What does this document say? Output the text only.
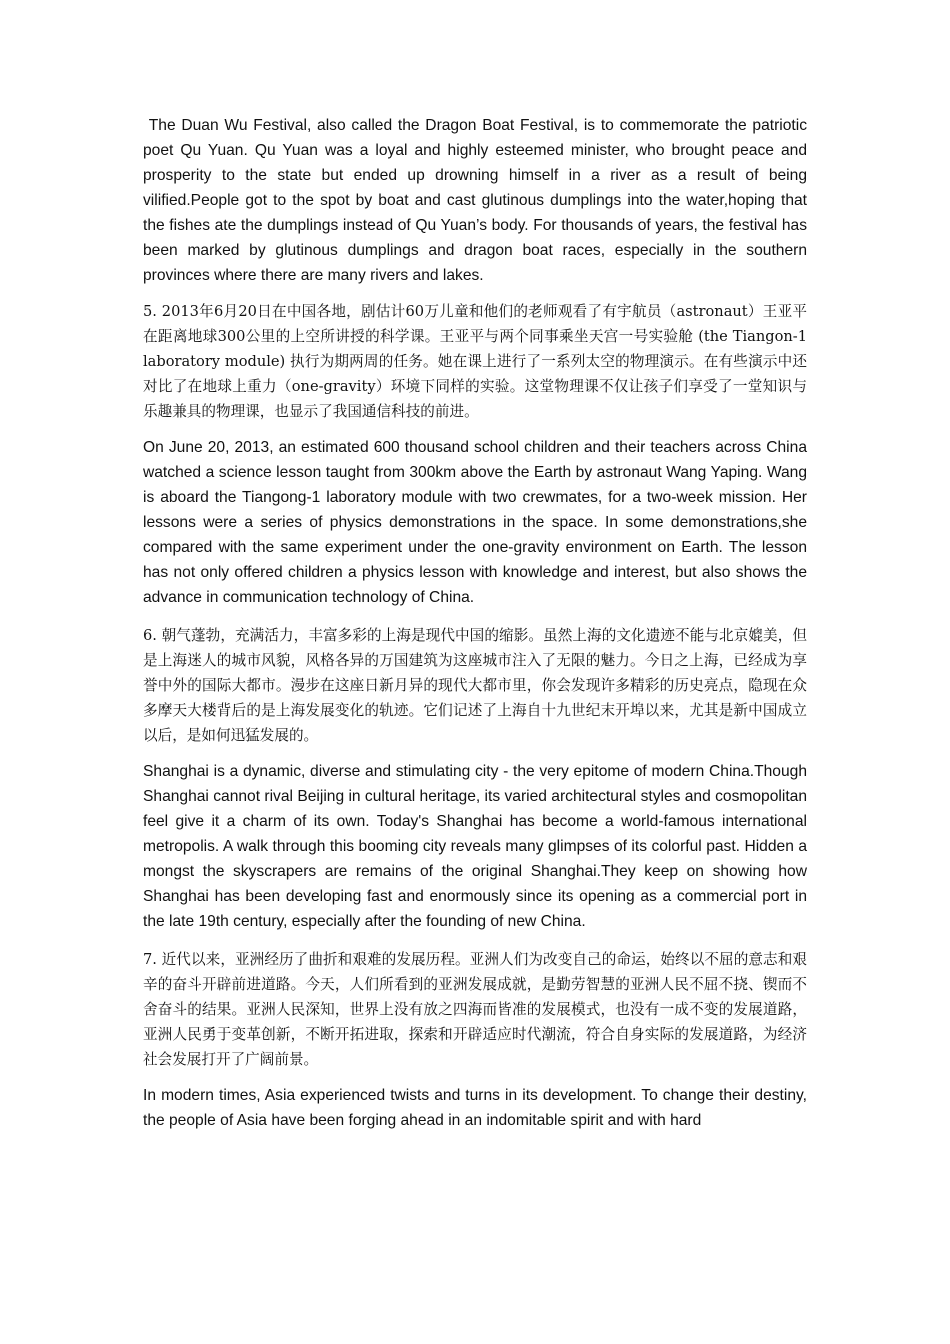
The Duan Wu Festival, also called the Dragon Boat Festival, is to commemorate the patriotic poet Qu Yuan. Qu Yuan was a loyal and highly esteemed minister, who brought peace and prosperity to the state but ended up drowning himself in a river as a result of being vilified.People got to the spot by boat and cast glutinous dumplings into the water,hoping that the fishes ate the dumplings instead of Qu Yuan’s body. For thousands of years, the festival has been marked by glutinous dumplings and dragon boat races, especially in the southern provinces where there are many rivers and lakes.

5. 2013年6月20日在中国各地，剧估计60万儿童和他们的老师观看了有宇航员（astronaut）王亚平在距离地球300公里的上空所讲授的科学课。王亚平与两个同事乘坐天宫一号实验舱 (the Tiangon-1 laboratory module) 执行为期两周的任务。她在课上进行了一系列太空的物理演示。在有些演示中还对比了在地球上重力（one-gravity）环境下同样的实验。这堂物理课不仅让孩子们享受了一堂知识与乐趣兼具的物理课，也显示了我国通信科技的前进。

On June 20, 2013, an estimated 600 thousand school children and their teachers across China watched a science lesson taught from 300km above the Earth by astronaut Wang Yaping. Wang is aboard the Tiangong-1 laboratory module with two crewmates, for a two-week mission. Her lessons were a series of physics demonstrations in the space. In some demonstrations,she compared with the same experiment under the one-gravity environment on Earth. The lesson has not only offered children a physics lesson with knowledge and interest, but also shows the advance in communication technology of China.

6. 朝气蓬勃，充满活力，丰富多彩的上海是现代中国的缩影。虽然上海的文化遗迹不能与北京媲美，但是上海迷人的城市风貌，风格各异的万国建筑为这座城市注入了无限的魅力。今日之上海，已经成为享誉中外的国际大都市。漫步在这座日新月异的现代大都市里，你会发现许多精彩的历史亮点，隐现在众多摩天大楼背后的是上海发展变化的轨迹。它们记述了上海自十九世纪末开埠以来，尤其是新中国成立以后，是如何迅猛发展的。

Shanghai is a dynamic, diverse and stimulating city - the very epitome of modern China.Though Shanghai cannot rival Beijing in cultural heritage, its varied architectural styles and cosmopolitan feel give it a charm of its own. Today's Shanghai has become a world-famous international metropolis. A walk through this booming city reveals many glimpses of its colorful past. Hidden a mongst the skyscrapers are remains of the original Shanghai.They keep on showing how Shanghai has been developing fast and enormously since its opening as a commercial port in the late 19th century, especially after the founding of new China.

7. 近代以来，亚洲经历了曲折和艰难的发展历程。亚洲人们为改变自己的命运，始终以不屈的意志和艰辛的奋斗开辟前进道路。今天，人们所看到的亚洲发展成就，是勤劳智慧的亚洲人民不屈不挠、锲而不舍奋斗的结果。亚洲人民深知，世界上没有放之四海而皆准的发展模式，也没有一成不变的发展道路，亚洲人民勇于变革创新，不断开拓进取，探索和开辟适应时代潮流，符合自身实际的发展道路，为经济社会发展打开了广阔前景。

In modern times, Asia experienced twists and turns in its development. To change their destiny, the people of Asia have been forging ahead in an indomitable spirit and with hard
